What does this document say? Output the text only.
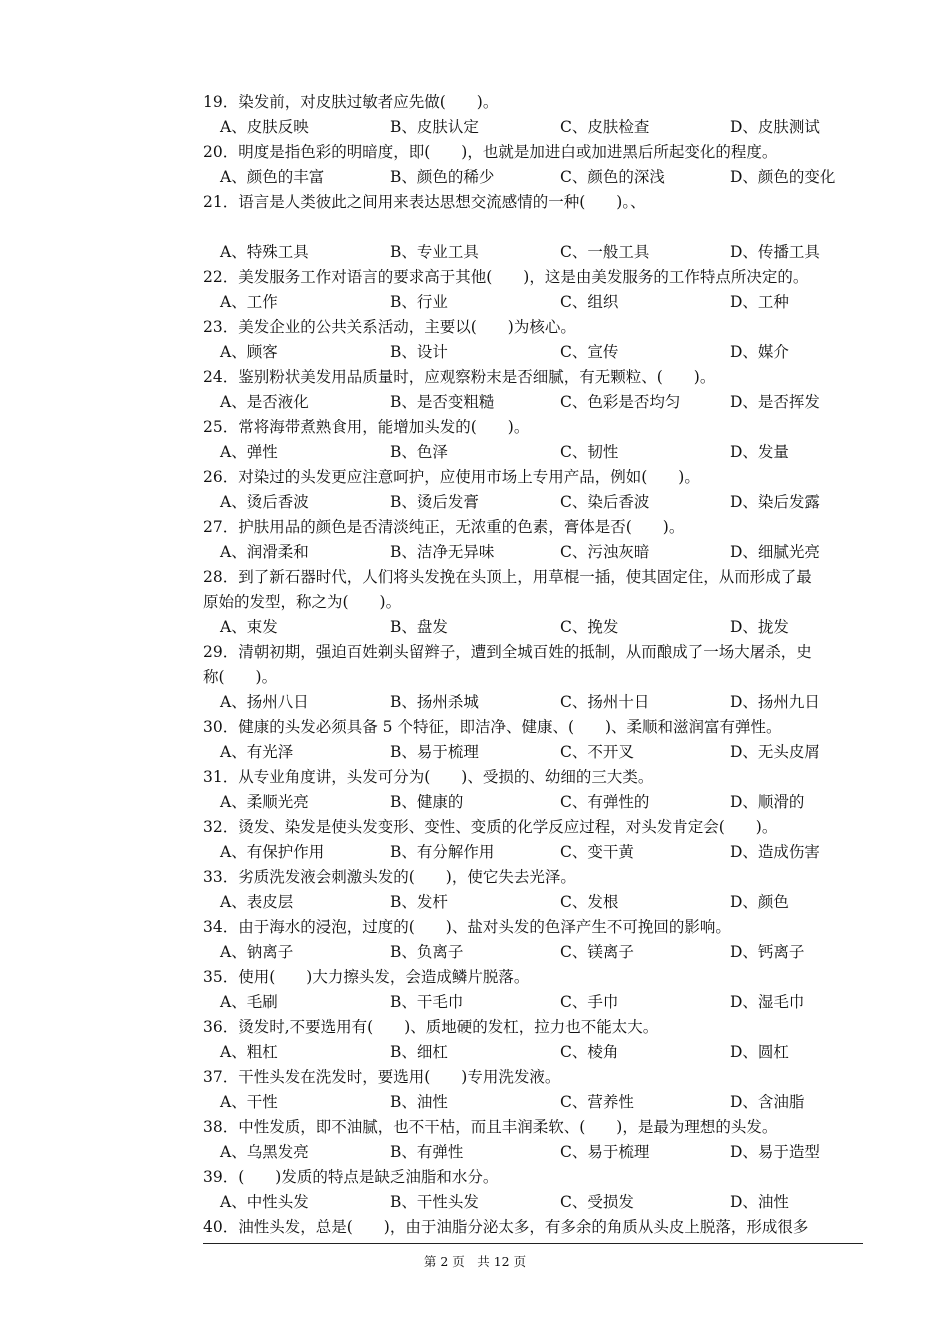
19．染发前，对皮肤过敏者应先做(　　)。
A、皮肤反映	B、皮肤认定	C、皮肤检查	D、皮肤测试
20．明度是指色彩的明暗度，即(　　)，也就是加进白或加进黑后所起变化的程度。
A、颜色的丰富	B、颜色的稀少	C、颜色的深浅	D、颜色的变化
21．语言是人类彼此之间用来表达思想交流感情的一种(　　)。、
A、特殊工具	B、专业工具	C、一般工具	D、传播工具
22．美发服务工作对语言的要求高于其他(　　)，这是由美发服务的工作特点所决定的。
A、工作	B、行业	C、组织	D、工种
23．美发企业的公共关系活动，主要以(　　)为核心。
A、顾客	B、设计	C、宣传	D、媒介
24．鉴别粉状美发用品质量时，应观察粉末是否细腻，有无颗粒、(　　)。
A、是否液化	B、是否变粗糙	C、色彩是否均匀	D、是否挥发
25．常将海带煮熟食用，能增加头发的(　　)。
A、弹性	B、色泽	C、韧性	D、发量
26．对染过的头发更应注意呵护，应使用市场上专用产品，例如(　　)。
A、烫后香波	B、烫后发膏	C、染后香波	D、染后发露
27．护肤用品的颜色是否清淡纯正，无浓重的色素，膏体是否(　　)。
A、润滑柔和	B、洁净无异味	C、污浊灰暗	D、细腻光亮
28．到了新石器时代，人们将头发挽在头顶上，用草棍一插，使其固定住，从而形成了最
原始的发型，称之为(　　)。
A、束发	B、盘发	C、挽发	D、拢发
29．清朝初期，强迫百姓剃头留辫子，遭到全城百姓的抵制，从而酿成了一场大屠杀，史
称(　　)。
A、扬州八日	B、扬州杀城	C、扬州十日	D、扬州九日
30．健康的头发必须具备 5 个特征，即洁净、健康、(　　)、柔顺和滋润富有弹性。
A、有光泽	B、易于梳理	C、不开叉	D、无头皮屑
31．从专业角度讲，头发可分为(　　)、受损的、幼细的三大类。
A、柔顺光亮	B、健康的	C、有弹性的	D、顺滑的
32．烫发、染发是使头发变形、变性、变质的化学反应过程，对头发肯定会(　　)。
A、有保护作用	B、有分解作用	C、变干黄	D、造成伤害
33．劣质洗发液会刺激头发的(　　)，使它失去光泽。
A、表皮层	B、发杆	C、发根	D、颜色
34．由于海水的浸泡，过度的(　　)、盐对头发的色泽产生不可挽回的影响。
A、钠离子	B、负离子	C、镁离子	D、钙离子
35．使用(　　)大力擦头发，会造成鳞片脱落。
A、毛刷	B、干毛巾	C、手巾	D、湿毛巾
36．烫发时,不要选用有(　　)、质地硬的发杠，拉力也不能太大。
A、粗杠	B、细杠	C、棱角	D、圆杠
37．干性头发在洗发时，要选用(　　)专用洗发液。
A、干性	B、油性	C、营养性	D、含油脂
38．中性发质，即不油腻，也不干枯，而且丰润柔软、(　　)，是最为理想的头发。
A、乌黑发亮	B、有弹性	C、易于梳理	D、易于造型
39．(　　)发质的特点是缺乏油脂和水分。
A、中性头发	B、干性头发	C、受损发	D、油性
40．油性头发，总是(　　)，由于油脂分泌太多，有多余的角质从头皮上脱落，形成很多
第 2 页　共 12 页
